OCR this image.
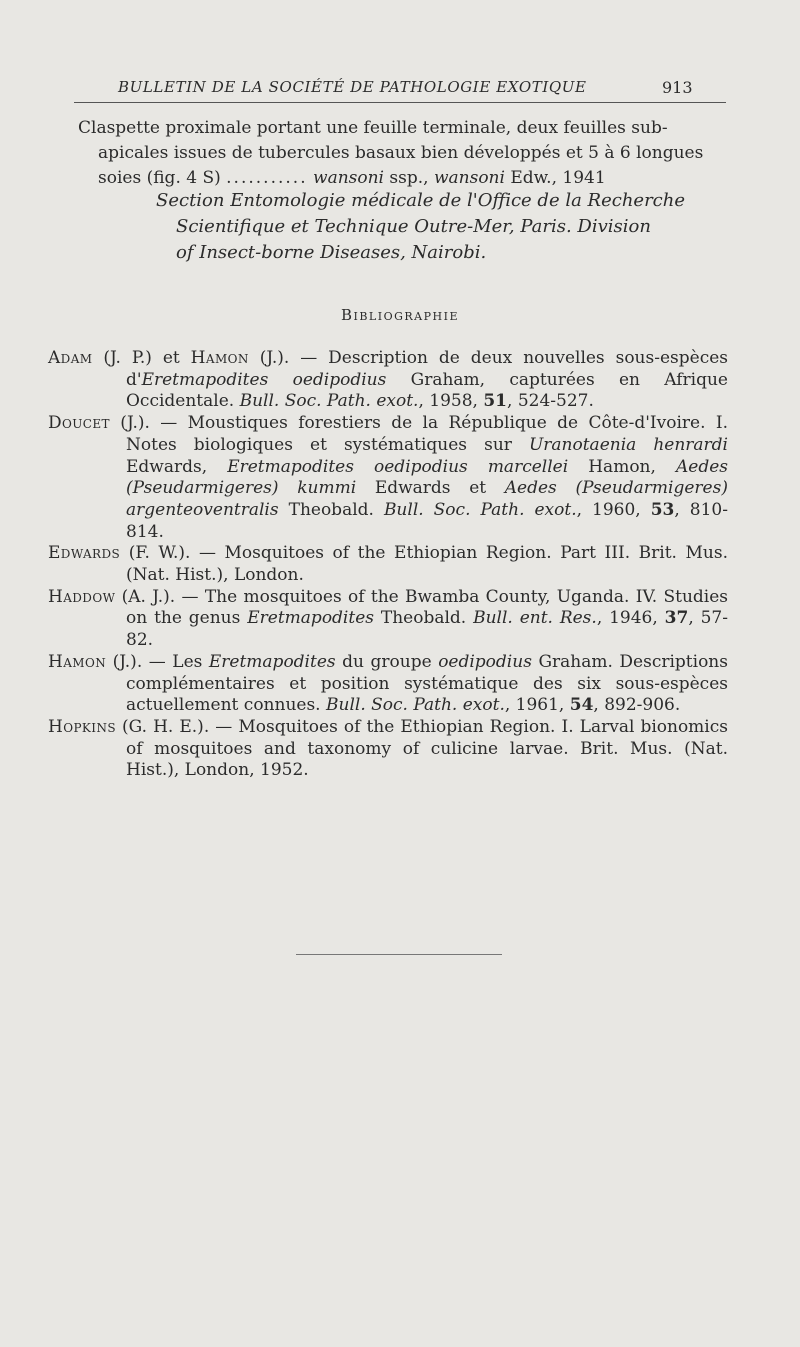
BULLETIN DE LA SOCIÉTÉ DE PATHOLOGIE EXOTIQUE	913

Claspette proximale portant une feuille terminale, deux feuilles sub-
apicales issues de tubercules basaux bien développés et 5 à 6 longues
soies (fig. 4 S) ........... wansoni ssp., wansoni Edw., 1941

Section Entomologie médicale de l'Office de la Recherche
Scientifique et Technique Outre-Mer, Paris. Division
of Insect-borne Diseases, Nairobi.

Bibliographie
Adam (J. P.) et Hamon (J.). — Description de deux nouvelles sous-espèces d'Eretmapodites oedipodius Graham, capturées en Afrique Occidentale. Bull. Soc. Path. exot., 1958, 51, 524-527.
Doucet (J.). — Moustiques forestiers de la République de Côte-d'Ivoire. I. Notes biologiques et systématiques sur Uranotaenia henrardi Edwards, Eretmapodites oedipodius marcellei Hamon, Aedes (Pseudarmigeres) kummi Edwards et Aedes (Pseudarmigeres) argenteoventralis Theobald. Bull. Soc. Path. exot., 1960, 53, 810-814.
Edwards (F. W.). — Mosquitoes of the Ethiopian Region. Part III. Brit. Mus. (Nat. Hist.), London.
Haddow (A. J.). — The mosquitoes of the Bwamba County, Uganda. IV. Studies on the genus Eretmapodites Theobald. Bull. ent. Res., 1946, 37, 57-82.
Hamon (J.). — Les Eretmapodites du groupe oedipodius Graham. Descriptions complémentaires et position systématique des six sous-espèces actuellement connues. Bull. Soc. Path. exot., 1961, 54, 892-906.
Hopkins (G. H. E.). — Mosquitoes of the Ethiopian Region. I. Larval bionomics of mosquitoes and taxonomy of culicine larvae. Brit. Mus. (Nat. Hist.), London, 1952.
